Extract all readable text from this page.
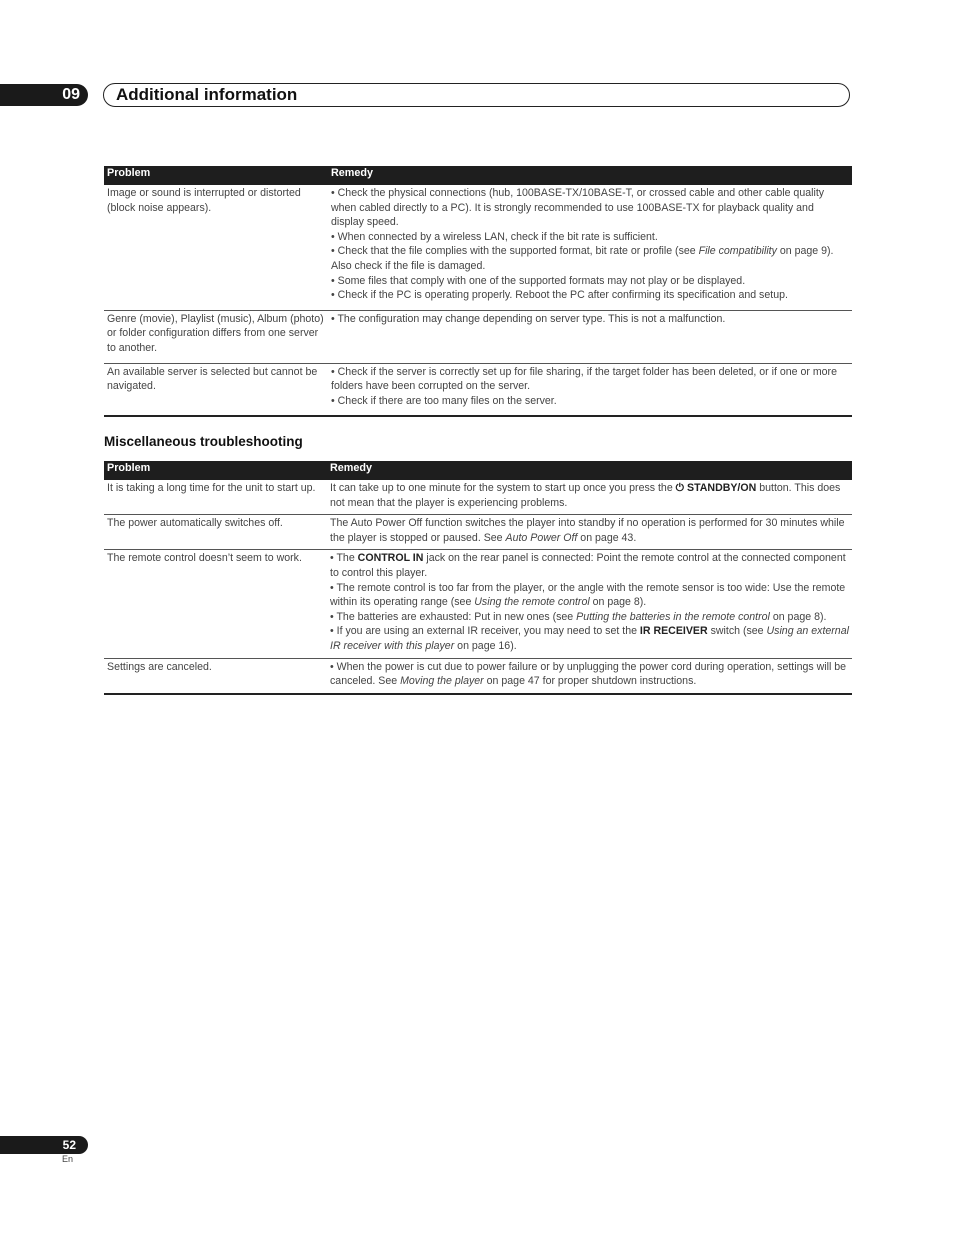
09 Additional information
Problem	Remedy
Image or sound is interrupted or distorted (block noise appears).	• Check the physical connections (hub, 100BASE-TX/10BASE-T, or crossed cable and other cable quality when cabled directly to a PC). It is strongly recommended to use 100BASE-TX for playback quality and display speed.
• When connected by a wireless LAN, check if the bit rate is sufficient.
• Check that the file complies with the supported format, bit rate or profile (see File compatibility on page 9). Also check if the file is damaged.
• Some files that comply with one of the supported formats may not play or be displayed.
• Check if the PC is operating properly. Reboot the PC after confirming its specification and setup.

Genre (movie), Playlist (music), Album (photo) or folder configuration differs from one server to another.	• The configuration may change depending on server type. This is not a malfunction.

An available server is selected but cannot be navigated.	• Check if the server is correctly set up for file sharing, if the target folder has been deleted, or if one or more folders have been corrupted on the server.
• Check if there are too many files on the server.
Miscellaneous troubleshooting
Problem	Remedy
It is taking a long time for the unit to start up.	It can take up to one minute for the system to start up once you press the ⏻ STANDBY/ON button. This does not mean that the player is experiencing problems.
The power automatically switches off.	The Auto Power Off function switches the player into standby if no operation is performed for 30 minutes while the player is stopped or paused. See Auto Power Off on page 43.
The remote control doesn’t seem to work.	• The CONTROL IN jack on the rear panel is connected: Point the remote control at the connected component to control this player.
• The remote control is too far from the player, or the angle with the remote sensor is too wide: Use the remote within its operating range (see Using the remote control on page 8).
• The batteries are exhausted: Put in new ones (see Putting the batteries in the remote control on page 8).
• If you are using an external IR receiver, you may need to set the IR RECEIVER switch (see Using an external IR receiver with this player on page 16).

Settings are canceled.	• When the power is cut due to power failure or by unplugging the power cord during operation, settings will be canceled. See Moving the player on page 47 for proper shutdown instructions.
52
En
